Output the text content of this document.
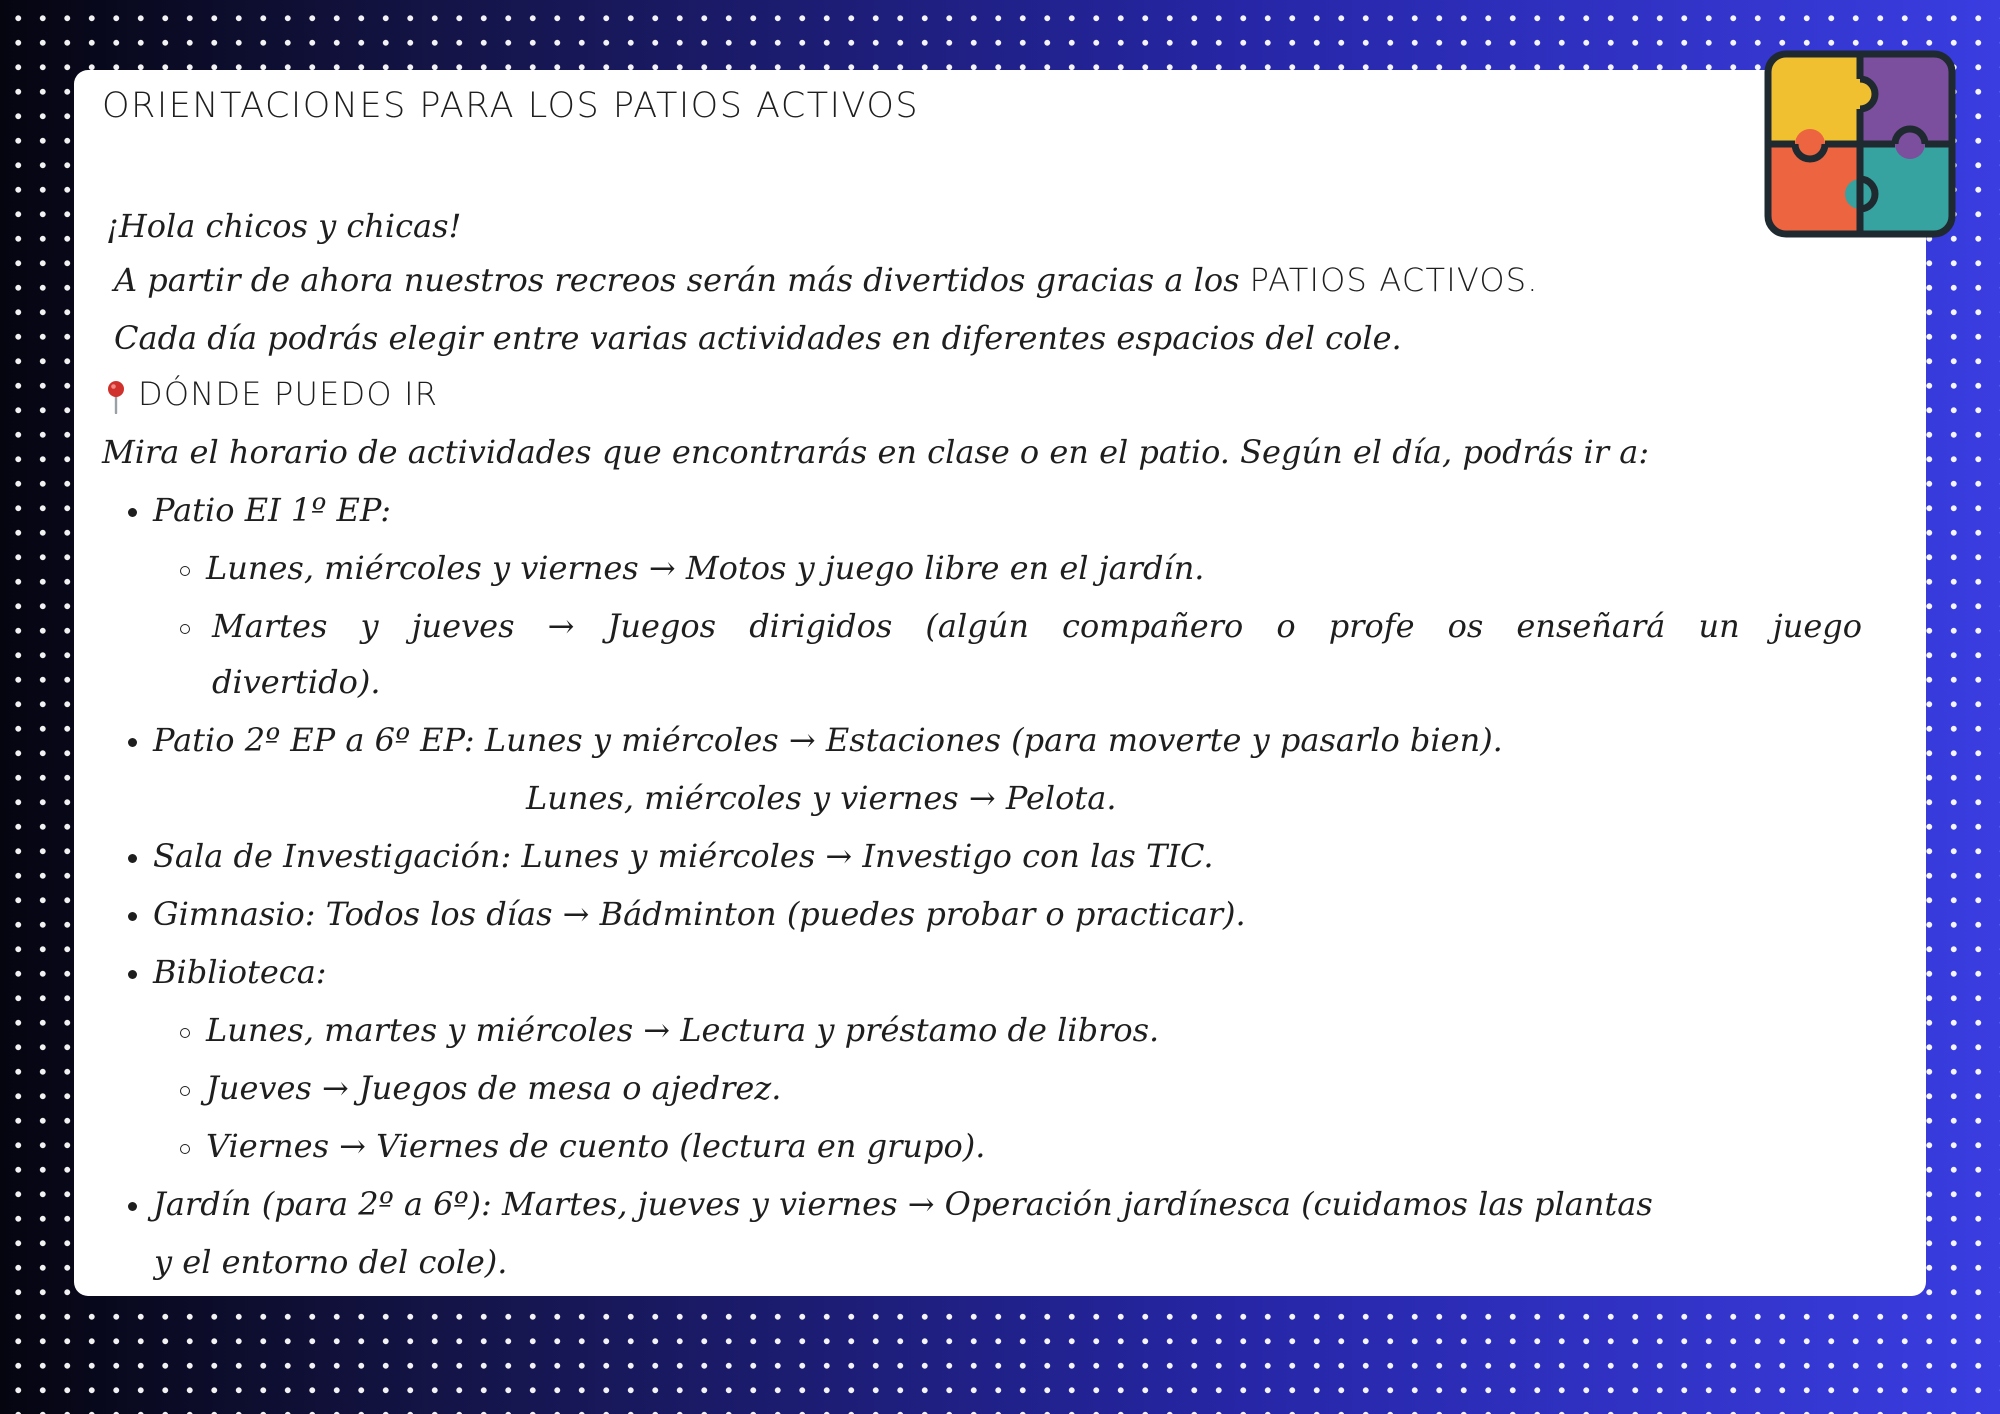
ORIENTACIONES PARA LOS PATIOS ACTIVOS
¡Hola chicos y chicas!
A partir de ahora nuestros recreos serán más divertidos gracias a los PATIOS ACTIVOS.
Cada día podrás elegir entre varias actividades en diferentes espacios del cole.
DÓNDE PUEDO IR
Mira el horario de actividades que encontrarás en clase o en el patio. Según el día, podrás ir a:
Patio EI 1º EP:
Lunes, miércoles y viernes → Motos y juego libre en el jardín.
Martes y jueves → Juegos dirigidos (algún compañero o profe os enseñará un juego
divertido).
Patio 2º EP a 6º EP: Lunes y miércoles → Estaciones (para moverte y pasarlo bien).
Lunes, miércoles y viernes → Pelota.
Sala de Investigación: Lunes y miércoles → Investigo con las TIC.
Gimnasio: Todos los días → Bádminton (puedes probar o practicar).
Biblioteca:
Lunes, martes y miércoles → Lectura y préstamo de libros.
Jueves → Juegos de mesa o ajedrez.
Viernes → Viernes de cuento (lectura en grupo).
Jardín (para 2º a 6º): Martes, jueves y viernes → Operación jardínesca (cuidamos las plantas
y el entorno del cole).
